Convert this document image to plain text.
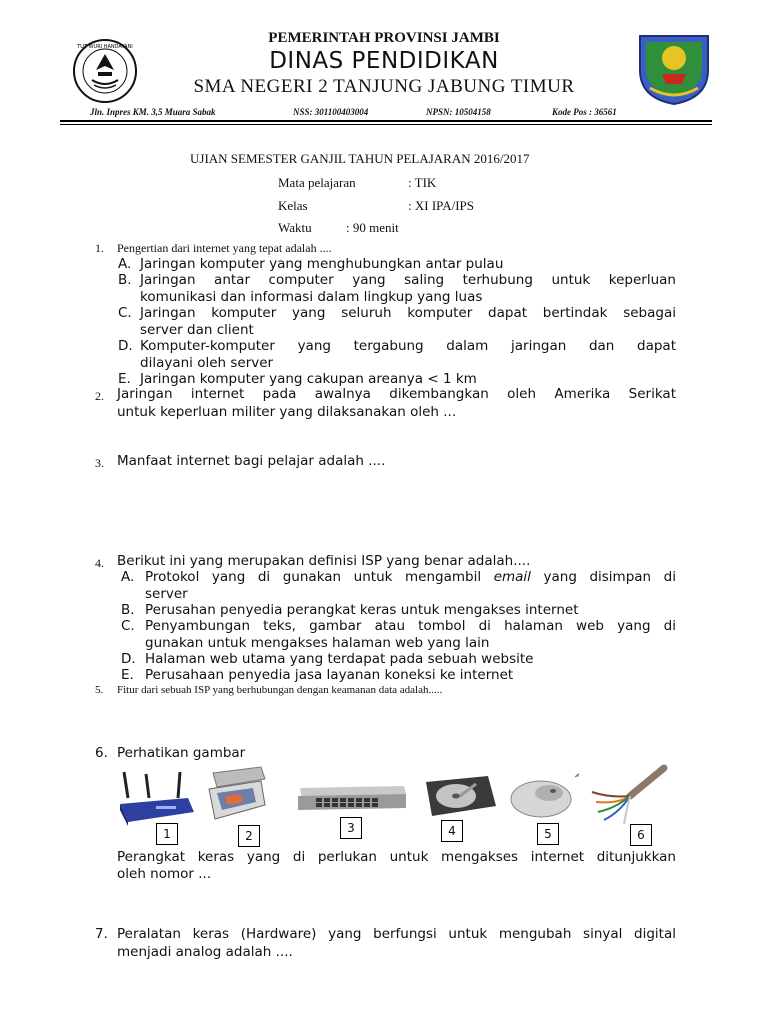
TUT WURI HANDAYANI
PEMERINTAH PROVINSI JAMBI
DINAS PENDIDIKAN
SMA NEGERI 2 TANJUNG JABUNG TIMUR
Jln. Inpres KM. 3,5 Muara Sabak	NSS: 301100403004	NPSN: 10504158	Kode Pos : 36561
UJIAN SEMESTER GANJIL TAHUN PELAJARAN 2016/2017
Mata pelajaran	: TIK
Kelas	: XI IPA/IPS
Waktu	: 90 menit
1. Pengertian dari internet yang tepat adalah ....
A. Jaringan komputer yang menghubungkan antar pulau
B. Jaringan antar computer yang saling terhubung untuk keperluan
komunikasi dan informasi dalam lingkup yang luas
C. Jaringan komputer yang seluruh komputer dapat bertindak sebagai
server dan client
D. Komputer-komputer yang tergabung dalam jaringan dan dapat
dilayani oleh server
E. Jaringan komputer yang cakupan areanya < 1 km
2. Jaringan internet pada awalnya dikembangkan oleh Amerika Serikat
untuk keperluan militer yang dilaksanakan oleh ...
3. Manfaat internet bagi pelajar adalah ....
4. Berikut ini yang merupakan definisi ISP yang benar adalah....
A. Protokol yang di gunakan untuk mengambil email yang disimpan di
server
B. Perusahan penyedia perangkat keras untuk mengakses internet
C. Penyambungan teks, gambar atau tombol di halaman web yang di
gunakan untuk mengakses halaman web yang lain
D. Halaman web utama yang terdapat pada sebuah website
E. Perusahaan penyedia jasa layanan koneksi ke internet
5. Fitur dari sebuah ISP yang berhubungan dengan keamanan data adalah.....
6. Perhatikan gambar
1	2
3	4	5	6
Perangkat keras yang di perlukan untuk mengakses internet ditunjukkan
oleh nomor ...
7. Peralatan keras (Hardware) yang berfungsi untuk mengubah sinyal digital
menjadi analog adalah ....
